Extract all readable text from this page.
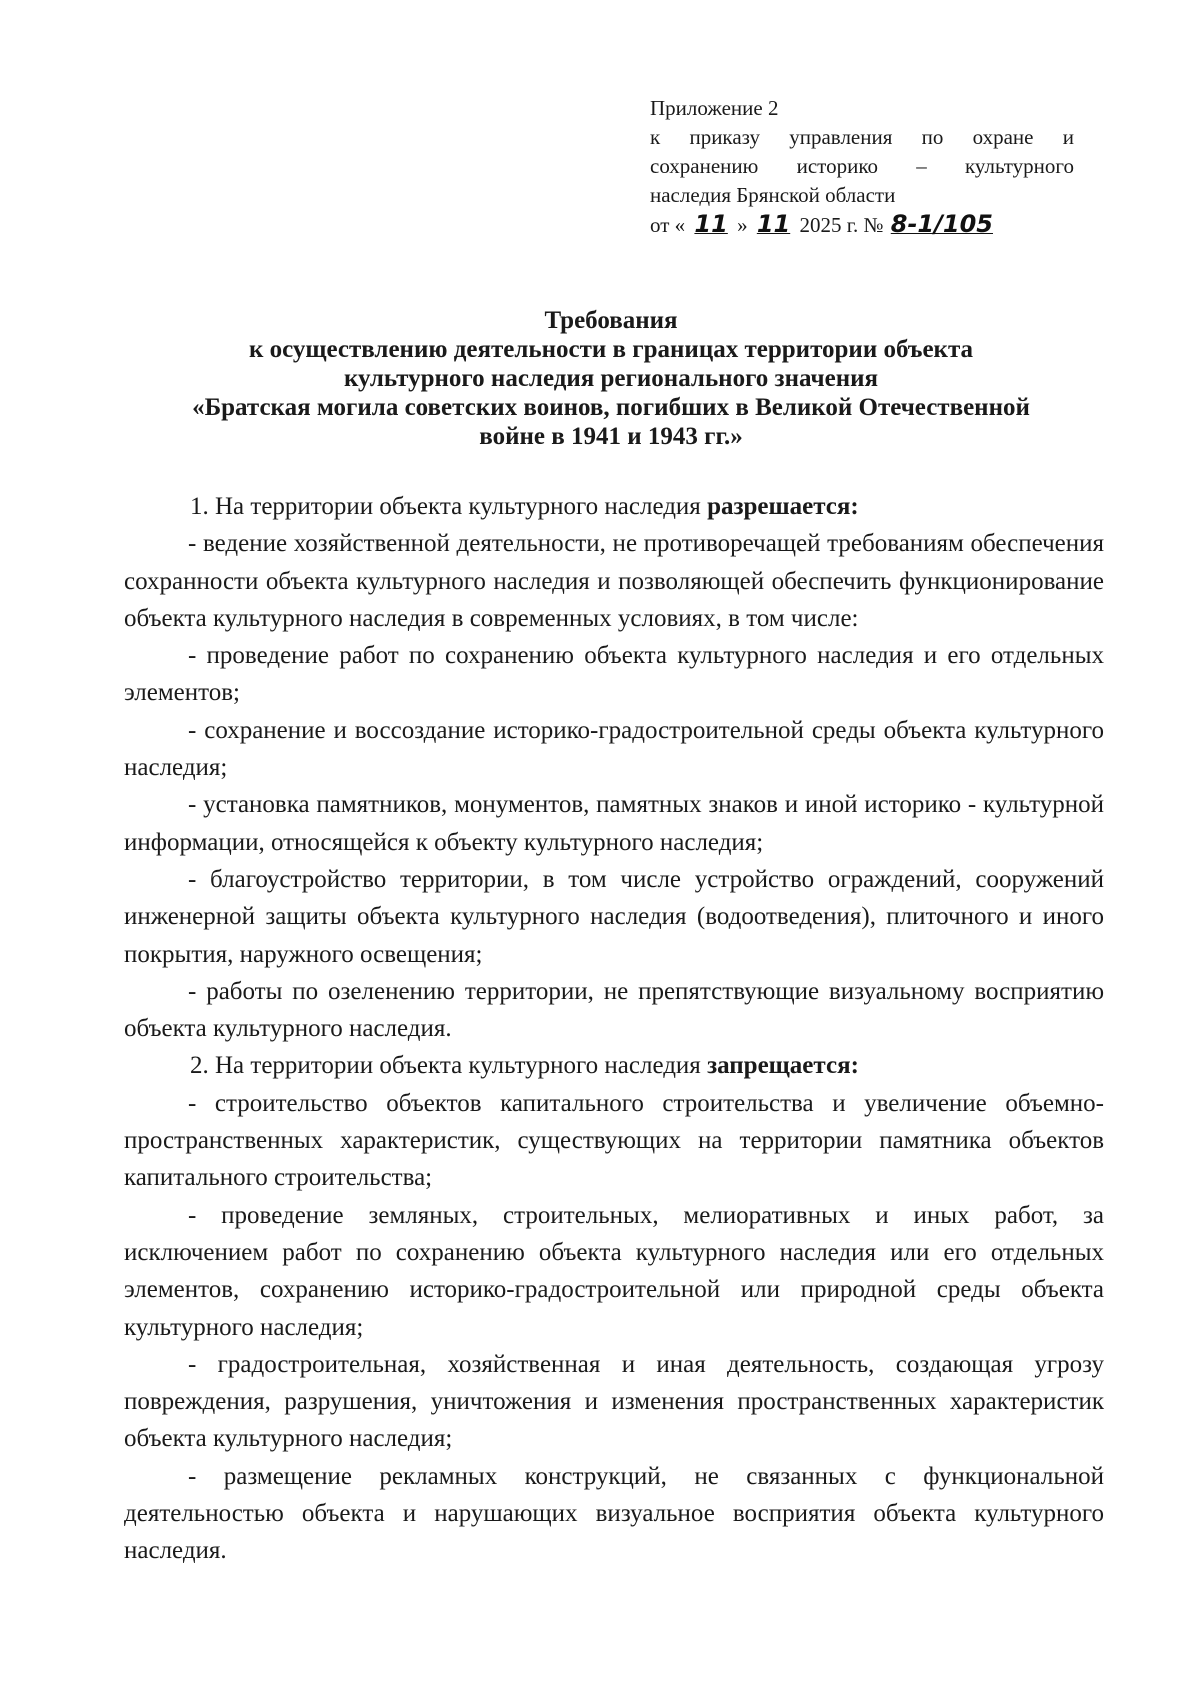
Приложение 2
к приказу управления по охране и
сохранению историко – культурного
наследия Брянской области
от « 11 » 11 2025 г. № 8-1/105
Требования
к осуществлению деятельности в границах территории объекта
культурного наследия регионального значения
«Братская могила советских воинов, погибших в Великой Отечественной
войне в 1941 и 1943 гг.»

1. На территории объекта культурного наследия разрешается:

- ведение хозяйственной деятельности, не противоречащей требованиям обеспечения сохранности объекта культурного наследия и позволяющей обеспечить функционирование объекта культурного наследия в современных условиях, в том числе:

- проведение работ по сохранению объекта культурного наследия и его отдельных элементов;

- сохранение и воссоздание историко-градостроительной среды объекта культурного наследия;

- установка памятников, монументов, памятных знаков и иной историко - культурной информации, относящейся к объекту культурного наследия;

- благоустройство территории, в том числе устройство ограждений, сооружений инженерной защиты объекта культурного наследия (водоотведения), плиточного и иного покрытия, наружного освещения;

- работы по озеленению территории, не препятствующие визуальному восприятию объекта культурного наследия.

2. На территории объекта культурного наследия запрещается:

- строительство объектов капитального строительства и увеличение объемно-пространственных характеристик, существующих на территории памятника объектов капитального строительства;

- проведение земляных, строительных, мелиоративных и иных работ, за исключением работ по сохранению объекта культурного наследия или его отдельных элементов, сохранению историко-градостроительной или природной среды объекта культурного наследия;

- градостроительная, хозяйственная и иная деятельность, создающая угрозу повреждения, разрушения, уничтожения и изменения пространственных характеристик объекта культурного наследия;

- размещение рекламных конструкций, не связанных с функциональной деятельностью объекта и нарушающих визуальное восприятия объекта культурного наследия.
